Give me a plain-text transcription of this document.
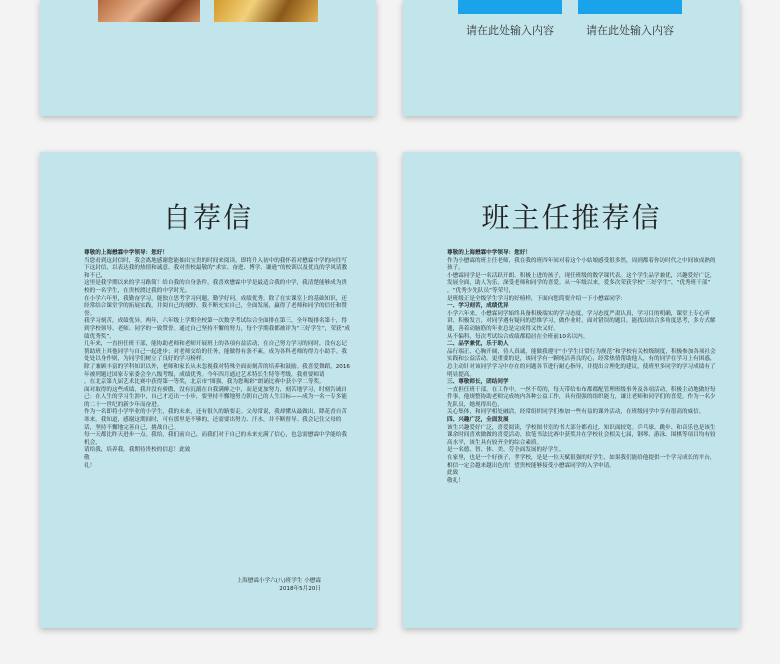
请在此处输入内容	请在此处输入内容
自荐信

尊敬的上海懋霖中学领导：您好！

当您看到这封信时，我会离地感谢您能抽出宝贵的时间来阅读。即将升入初中的我怀着对懋霖中学的向往写下这封信，以表达我的热情和诚意。我对贵校最敬的“求实、奋进、博学、谦逊”的校训以及优良的学风请教和不已，

这里是我学期以来的学习路简！给自我的自身条件，我喜欢懋霖中学是最适合我的中学，我清楚能够成为贵校的一名学生，在贵校渡过我的中学时光。

在小学六年里，我勤奋学习，能独立思考学习问题，勤学好问，成绩优秀。除了在实课室上的基础知识，还经常结合课堂学的拓展实践，并阅自己的视野。我不断充实自己，全面发展，赢得了老师和同学的信任和赞誉。

我学习刻苦，成绩优异。两年，六年级上学期全校第一次数学考试综合全面排在第三，全年级排名第十，得到学校领导、老师、同学的一致赞誉。通过自己坚持不懈的努力，每个学期我都被评为“三好学生”，荣获“成绩优秀奖”。

几年来，一直担任班干部，能协助老师和老师开展班上的各项有益活动，在自己努力学习的同时，没有忘记帮助班上其他同学与自己一起进步；对老师交给的任务，能做得有条不紊，成为各科老师的得力小助手。我处处以身作则，为同学们树立了良好的学习榜样。

除了兼顾丰富的学科知识以外，老师和家长从未忽视我对特殊全面而刻苦的培养和鼓励。我喜爱舞蹈，2016年被列题过国家专家委会全八级考级，成绩优秀。今年四月通过艺术特长生特等考级，我重要师请

，在北京第九届艺术比赛中获得第一等奖，北京市“图强，我为您喝彩”朗诵比赛中获小学二等奖。

面对取得的这些成绩，我并没有骄傲，没有沉溺在自我满醉之中，而是更加努力，刻苦地学习，时刻告诫自己：在人生的学习生涯中，自己才迈出一小步，要坚持不懈地努力朝自己的人生目标——成为一名一专多能的二十一世纪的新少年而奋进。

作为一名即将小学毕业的小学生，我的未来，还有很久的路要走。父母常说，我却懂从最做出，降花香自苦寒来。我知道，感谢这期间时，可有那里是不够的，还需要出努力、汗水，并不断督导。我会记住父母的话，坚持不懈地完善自己，挑战自己。

每一天都比昨天进步一点。我给，我们前自己，而我们对于自己的未来充满了信心，也急需懋霖中学能给我机会，

请给我，培养我。我期待贵校的信息！此致

敬

礼！

上海懋霖小学六(八)班学生 小懋霖
2018年5月20日
班主任推荐信

尊敬的上海懋霖中学领导：您好！

作为小懋霖的班主任老师，我在我的班四年间对着这个小姑娘感受很多然，周到都着你访时代之中间该成熟的孩子，

小懋霖同学是一名活跃开朗、积极上进的孩子，现任班级的数学课代表。这个学生品学兼优，兴趣爱好广泛，发展全面，助人为乐，深受老师和同学的喜爱。从一年级以来，爱多次荣获学校“三好学生”，“优秀班干部”

，“优秀少先队员”等荣号，

是班级正是全级学生学习的好榜样，下面向您简要介绍一下小懋霖同学：

一、学习刻苦，成绩优异

小学六年来，小懋霖同学始终具备积极端实的学习态度，学习态度严肃认真，学习目的明确，课堂上专心听讲、积极发言，对同学遇有疑问的思维学习，做作业时，面对错误的题目，能找出结合多角度思考，多方式解题，善着动脑筋的年业总是完成得又快又好。

从不偏科，每次考试综合成绩都稳居在全班前10名以内。

二、品学兼优，乐于助人

品行端正，心胸开阔，待人真诚，能做我遵守“小学生日常行为规范”和学校有关校级制度，积极参加各项社会实践和公益活动。更重要的是，该同学有一颗纯洁善良的心，经常热情帮助他人，有的同学在学习上有困惑，

总主动针对该同学学习中存在的问题各节进行耐心指导，并提出合理化的建议，使班里多同学的学习成绩有了明显提高。

三、尊敬师长，团结同学

一直担任班干部，在工作中，一丝不苟的，每天带给布布都都配管理班级事务及各项活动，积极主动地做好每件事，他规整协助老师完成统内各种公益工作，具有很强的组织能力，谦让老师和同学们的喜爱。作为一名少先队员，她现得出色，

关心集体，和同学相处融洽，经常组织同学们参加一些有益的课外活动，在班级同学中享有很高的威信。

四、兴趣广泛，全面发展

该生兴趣爱好广泛，喜爱阅读，学校图书室的书大部分都看过，知识面较宽。乒乓球、跳步、和音乐也是该生课余时间喜欢做做的喜爱活动。软笔书法比赛中获奖并在学校社会相关七届，钢琴、游泳、围棋等项目均有较高水平，该生具有较齐全的综合素质。

是一名德、智、体、美、劳全面发展的好学生。

在家里，也是一个好孩子，孝学校，是是一位天赋很强的好学生，如果我们能给他提供一个学习成长的平台，相信一定会越来越出色的！望贵校能够接受小懋霖同学的入学申请。

此致

敬礼！
